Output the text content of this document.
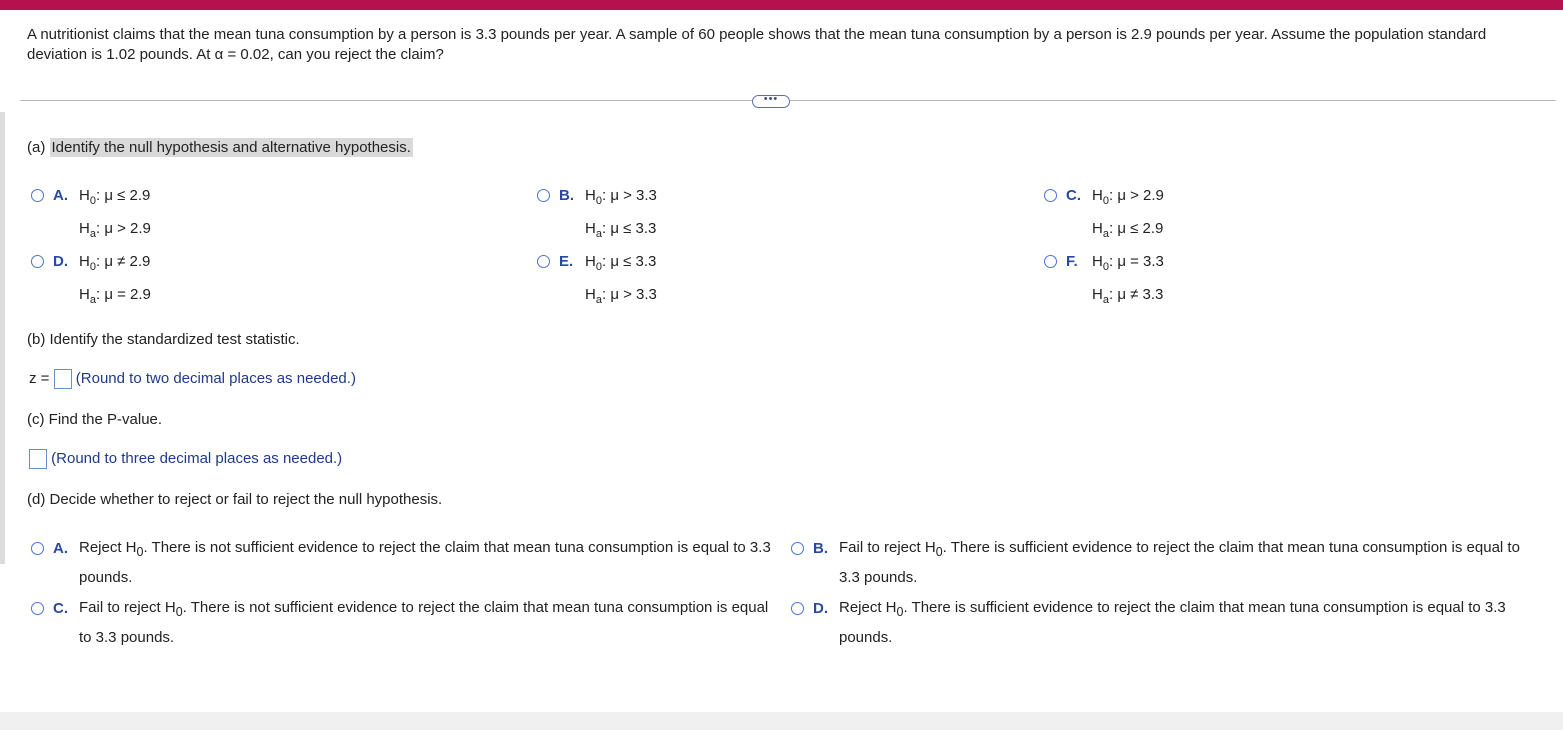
A nutritionist claims that the mean tuna consumption by a person is 3.3 pounds per year. A sample of 60 people shows that the mean tuna consumption by a person is 2.9 pounds per year. Assume the population standard deviation is 1.02 pounds. At α = 0.02, can you reject the claim?
•••
(a) Identify the null hypothesis and alternative hypothesis.
A. $H_0$: μ ≤ 2.9
$H_a$: μ > 2.9
B. $H_0$: μ > 3.3
$H_a$: μ ≤ 3.3
C. $H_0$: μ > 2.9
$H_a$: μ ≤ 2.9
D. $H_0$: μ ≠ 2.9
$H_a$: μ = 2.9
E. $H_0$: μ ≤ 3.3
$H_a$: μ > 3.3
F. $H_0$: μ = 3.3
$H_a$: μ ≠ 3.3
(b) Identify the standardized test statistic.
z = (Round to two decimal places as needed.)
(c) Find the P-value.
(Round to three decimal places as needed.)
(d) Decide whether to reject or fail to reject the null hypothesis.
A. Reject $H_0$. There is not sufficient evidence to reject the claim that mean tuna consumption is equal to 3.3 pounds.
B. Fail to reject $H_0$. There is sufficient evidence to reject the claim that mean tuna consumption is equal to 3.3 pounds.
C. Fail to reject $H_0$. There is not sufficient evidence to reject the claim that mean tuna consumption is equal to 3.3 pounds.
D. Reject $H_0$. There is sufficient evidence to reject the claim that mean tuna consumption is equal to 3.3 pounds.
